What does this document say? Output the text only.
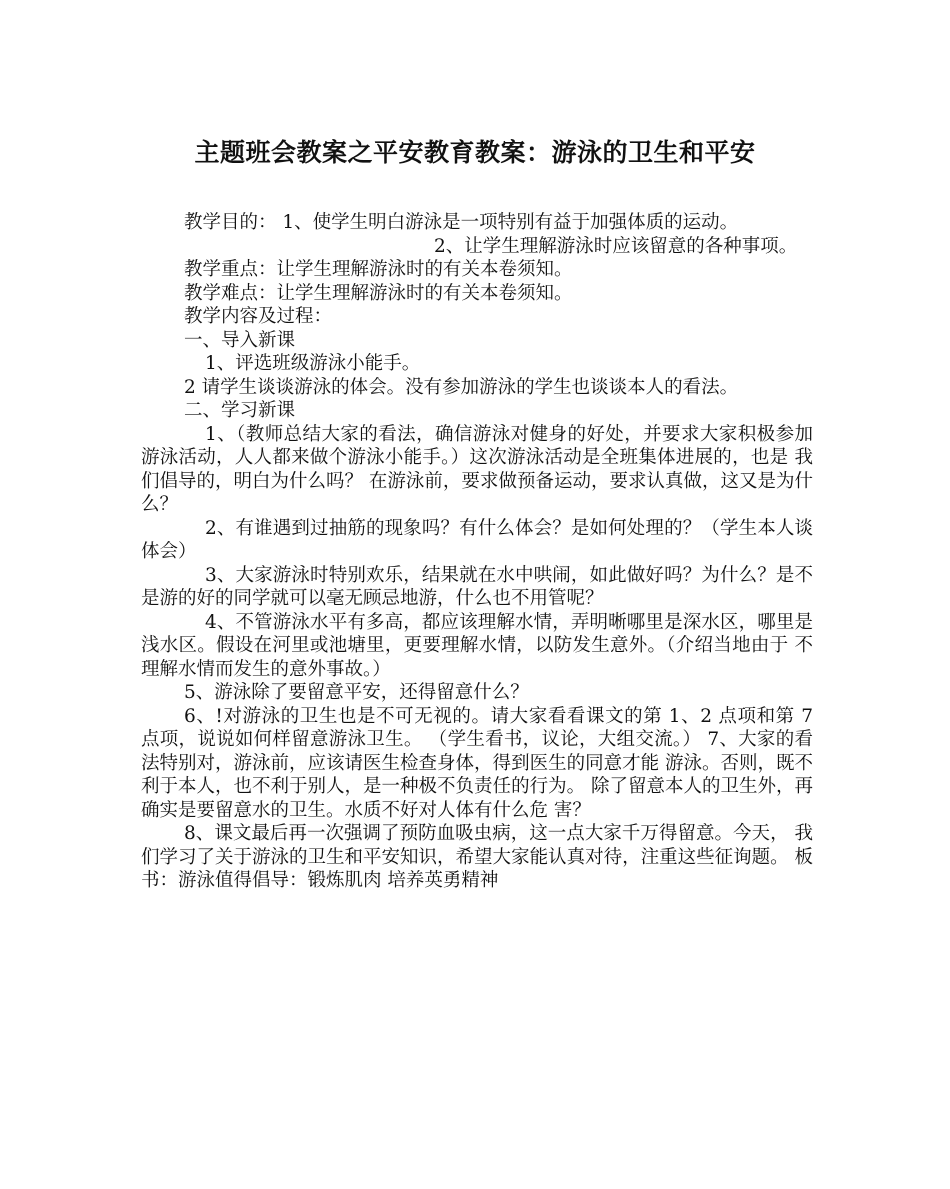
主题班会教案之平安教育教案：游泳的卫生和平安

教学目的： 1、使学生明白游泳是一项特别有益于加强体质的运动。

2、让学生理解游泳时应该留意的各种事项。

教学重点：让学生理解游泳时的有关本卷须知。

教学难点：让学生理解游泳时的有关本卷须知。

教学内容及过程：

一、导入新课

1、评选班级游泳小能手。

2 请学生谈谈游泳的体会。没有参加游泳的学生也谈谈本人的看法。

二、学习新课

1、（教师总结大家的看法，确信游泳对健身的好处，并要求大家积极参加 游泳活动，人人都来做个游泳小能手。）这次游泳活动是全班集体进展的，也是 我们倡导的，明白为什么吗？ 在游泳前，要求做预备运动，要求认真做，这又是为什么？

2、有谁遇到过抽筋的现象吗？有什么体会？是如何处理的？（学生本人谈 体会）

3、大家游泳时特别欢乐，结果就在水中哄闹，如此做好吗？为什么？是不 是游的好的同学就可以毫无顾忌地游，什么也不用管呢？

4、不管游泳水平有多高，都应该理解水情，弄明晰哪里是深水区，哪里是 浅水区。假设在河里或池塘里，更要理解水情，以防发生意外。（介绍当地由于 不理解水情而发生的意外事故。）

5、游泳除了要留意平安，还得留意什么？

6、!对游泳的卫生也是不可无视的。请大家看看课文的第 1、2 点项和第 7 点项，说说如何样留意游泳卫生。 （学生看书，议论，大组交流。） 7、大家的看法特别对，游泳前，应该请医生检查身体，得到医生的同意才能 游泳。否则，既不利于本人，也不利于别人，是一种极不负责任的行为。 除了留意本人的卫生外，再确实是要留意水的卫生。水质不好对人体有什么危 害？

8、课文最后再一次强调了预防血吸虫病，这一点大家千万得留意。今天， 我们学习了关于游泳的卫生和平安知识，希望大家能认真对待，注重这些征询题。 板书：游泳值得倡导：锻炼肌肉 培养英勇精神
